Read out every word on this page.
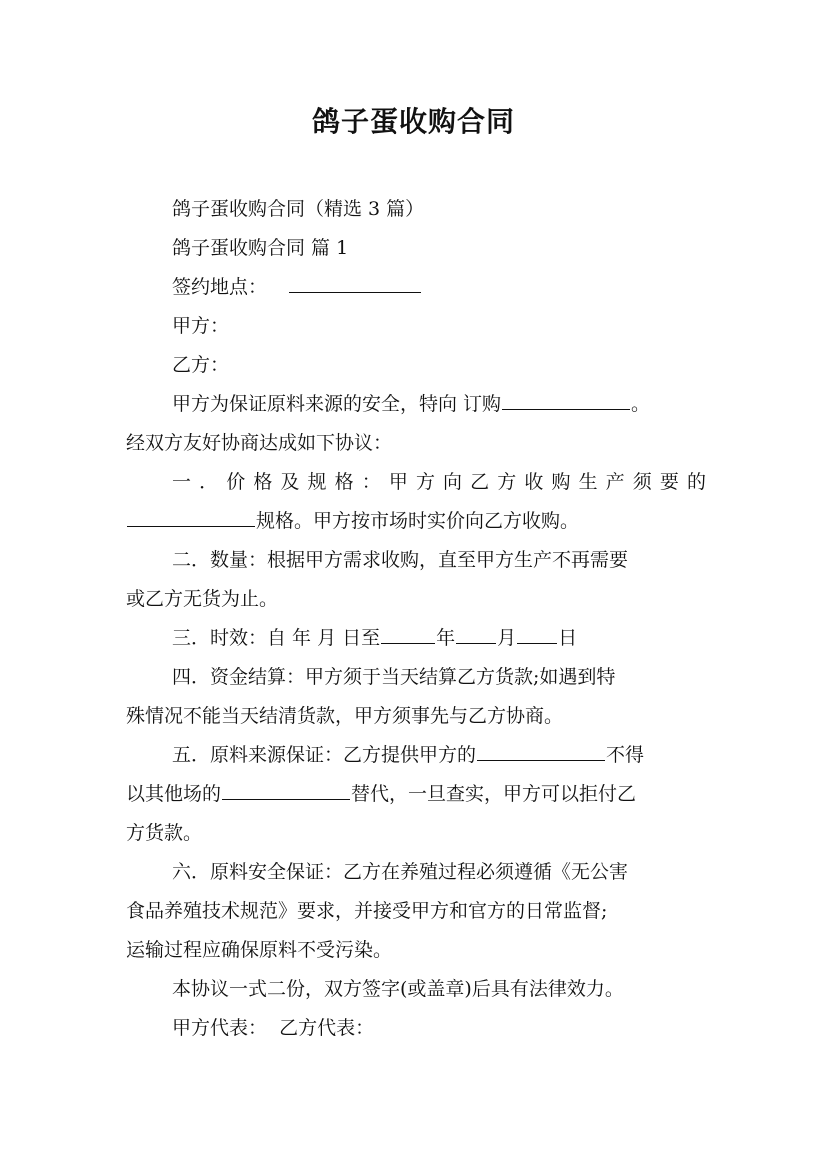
鸽子蛋收购合同
鸽子蛋收购合同（精选 3 篇）
鸽子蛋收购合同 篇 1
签约地点：
甲方：
乙方：
甲方为保证原料来源的安全，特向 订购	。
经双方友好协商达成如下协议：
一．价格及规格：甲方向乙方收购生产须要的
规格。甲方按市场时实价向乙方收购。
二．数量：根据甲方需求收购，直至甲方生产不再需要
或乙方无货为止。
三．时效：自 年 月 日至	年 月 日
四．资金结算：甲方须于当天结算乙方货款;如遇到特
殊情况不能当天结清货款，甲方须事先与乙方协商。
五．原料来源保证：乙方提供甲方的	不得
以其他场的	替代，一旦查实，甲方可以拒付乙
方货款。
六．原料安全保证：乙方在养殖过程必须遵循《无公害
食品养殖技术规范》要求，并接受甲方和官方的日常监督;
运输过程应确保原料不受污染。
本协议一式二份，双方签字(或盖章)后具有法律效力。
甲方代表：  乙方代表：
